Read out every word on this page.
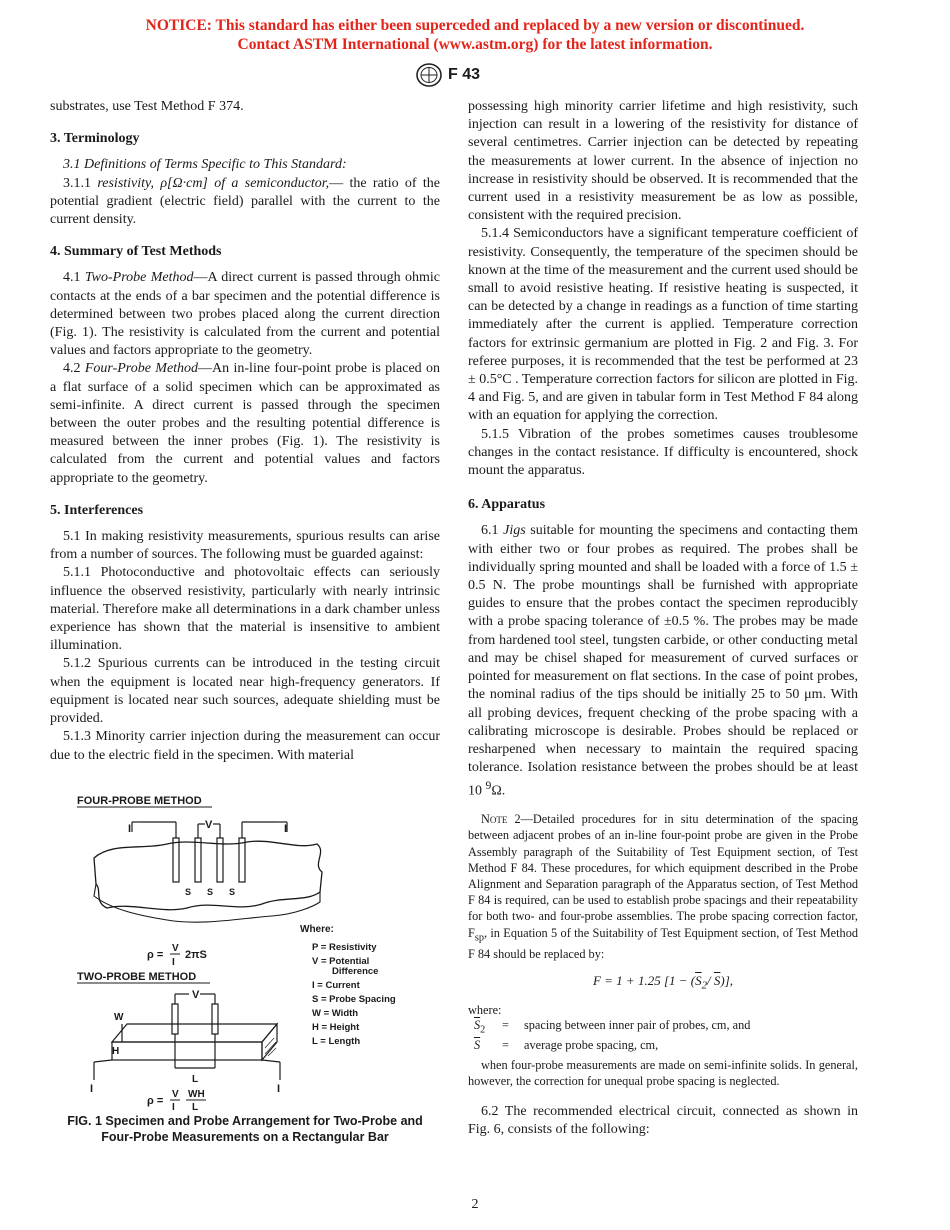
NOTICE: This standard has either been superceded and replaced by a new version or discontinued.
Contact ASTM International (www.astm.org) for the latest information.
F 43

substrates, use Test Method F 374.

3. Terminology

3.1 Definitions of Terms Specific to This Standard:

3.1.1 resistivity, ρ[Ω·cm] of a semiconductor,— the ratio of the potential gradient (electric field) parallel with the current to the current density.

4. Summary of Test Methods

4.1 Two-Probe Method—A direct current is passed through ohmic contacts at the ends of a bar specimen and the potential difference is determined between two probes placed along the current direction (Fig. 1). The resistivity is calculated from the current and potential values and factors appropriate to the geometry.

4.2 Four-Probe Method—An in-line four-point probe is placed on a flat surface of a solid specimen which can be approximated as semi-infinite. A direct current is passed through the specimen between the outer probes and the resulting potential difference is measured between the inner probes (Fig. 1). The resistivity is calculated from the current and potential values and factors appropriate to the geometry.

5. Interferences

5.1 In making resistivity measurements, spurious results can arise from a number of sources. The following must be guarded against:

5.1.1 Photoconductive and photovoltaic effects can seriously influence the observed resistivity, particularly with nearly intrinsic material. Therefore make all determinations in a dark chamber unless experience has shown that the material is insensitive to ambient illumination.

5.1.2 Spurious currents can be introduced in the testing circuit when the equipment is located near high-frequency generators. If equipment is located near such sources, adequate shielding must be provided.

5.1.3 Minority carrier injection during the measurement can occur due to the electric field in the specimen. With material

FOUR-PROBE METHOD
I	I
V
S S S
ρ =
V
I
2πS
Where:
P = Resistivity
V = Potential
Difference
I = Current
S = Probe Spacing
W = Width
H = Height
L = Length
TWO-PROBE METHOD
V
W
H
L
I	I
ρ =
V
I
WH
L
FIG. 1 Specimen and Probe Arrangement for Two-Probe and Four-Probe Measurements on a Rectangular Bar

possessing high minority carrier lifetime and high resistivity, such injection can result in a lowering of the resistivity for distance of several centimetres. Carrier injection can be detected by repeating the measurements at lower current. In the absence of injection no increase in resistivity should be observed. It is recommended that the current used in a resistivity measurement be as low as possible, consistent with the required precision.

5.1.4 Semiconductors have a significant temperature coefficient of resistivity. Consequently, the temperature of the specimen should be known at the time of the measurement and the current used should be small to avoid resistive heating. If resistive heating is suspected, it can be detected by a change in readings as a function of time starting immediately after the current is applied. Temperature correction factors for extrinsic germanium are plotted in Fig. 2 and Fig. 3. For referee purposes, it is recommended that the test be performed at 23 ± 0.5°C . Temperature correction factors for silicon are plotted in Fig. 4 and Fig. 5, and are given in tabular form in Test Method F 84 along with an equation for applying the correction.

5.1.5 Vibration of the probes sometimes causes troublesome changes in the contact resistance. If difficulty is encountered, shock mount the apparatus.

6. Apparatus

6.1 Jigs suitable for mounting the specimens and contacting them with either two or four probes as required. The probes shall be individually spring mounted and shall be loaded with a force of 1.5 ± 0.5 N. The probe mountings shall be furnished with appropriate guides to ensure that the probes contact the specimen reproducibly with a probe spacing tolerance of ±0.5 %. The probes may be made from hardened tool steel, tungsten carbide, or other conducting metal and may be chisel shaped for measurement of curved surfaces or pointed for measurement on flat sections. In the case of point probes, the nominal radius of the tips should be initially 25 to 50 μm. With all probing devices, frequent checking of the probe spacing with a calibrating microscope is desirable. Probes should be replaced or resharpened when necessary to maintain the required spacing tolerance. Isolation resistance between the probes should be at least 10 $^9$Ω.

Note 2—Detailed procedures for in situ determination of the spacing between adjacent probes of an in-line four-point probe are given in the Probe Assembly paragraph of the Suitability of Test Equipment section, of Test Method F 84. These procedures, for which equipment described in the Probe Alignment and Separation paragraph of the Apparatus section, of Test Method F 84 is required, can be used to establish probe spacings and their repeatability for both two- and four-probe assemblies. The probe spacing correction factor, $F_{sp}$, in Equation 5 of the Suitability of Test Equipment section, of Test Method F 84 should be replaced by:

F = 1 + 1.25 [$1 - (\overline{S}_2/$ $\overline{S}$)],

where:
$\overline{S}_2$	=	spacing between inner pair of probes, cm, and
$\overline{S}$	=	average probe spacing, cm,

when four-probe measurements are made on semi-infinite solids. In general, however, the correction for unequal probe spacing is neglected.

6.2 The recommended electrical circuit, connected as shown in Fig. 6, consists of the following:

2
